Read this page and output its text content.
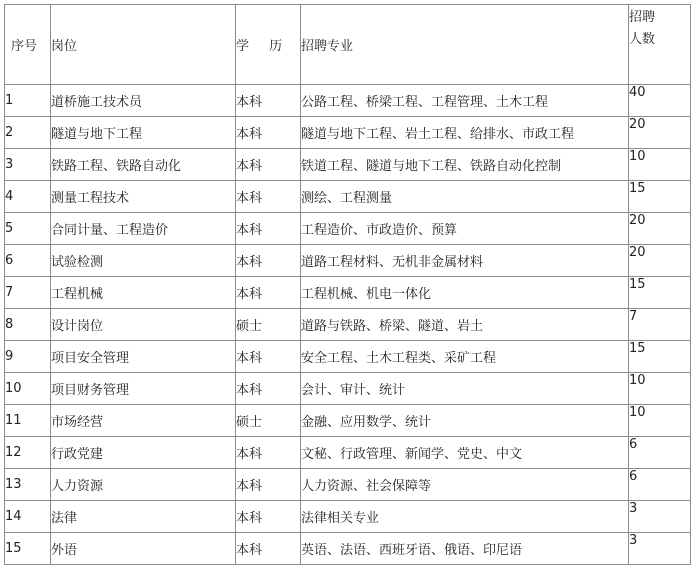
序号	岗位	学 历	招聘专业	招聘
人数

1	道桥施工技术员	本科	公路工程、桥梁工程、工程管理、土木工程	40
2	隧道与地下工程	本科	隧道与地下工程、岩土工程、给排水、市政工程	20
3	铁路工程、铁路自动化	本科	铁道工程、隧道与地下工程、铁路自动化控制	10
4	测量工程技术	本科	测绘、工程测量	15
5	合同计量、工程造价	本科	工程造价、市政造价、预算	20
6	试验检测	本科	道路工程材料、无机非金属材料	20
7	工程机械	本科	工程机械、机电一体化	15
8	设计岗位	硕士	道路与铁路、桥梁、隧道、岩土	7
9	项目安全管理	本科	安全工程、土木工程类、采矿工程	15
10	项目财务管理	本科	会计、审计、统计	10
11	市场经营	硕士	金融、应用数学、统计	10
12	行政党建	本科	文秘、行政管理、新闻学、党史、中文	6
13	人力资源	本科	人力资源、社会保障等	6
14	法律	本科	法律相关专业	3
15	外语	本科	英语、法语、西班牙语、俄语、印尼语	3
